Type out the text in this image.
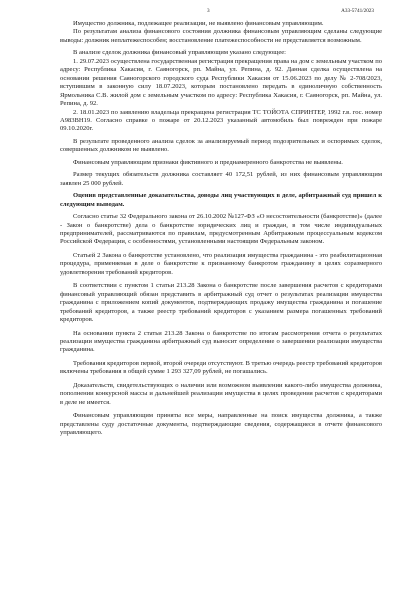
3	А33-5741/2023

Имущество должника, подлежащее реализации, не выявлено финансовым управляющим.

По результатам анализа финансового состояния должника финансовым управляющим сделаны следующие выводы: должник неплатежеспособен; восстановление платежеспособности не представляется возможным.

В анализе сделок должника финансовый управляющим указано следующее:

1. 29.07.2023 осуществлена государственная регистрация прекращения права на дом с земельным участком по адресу: Республика Хакасия, г. Саяногорск, рп. Майна, ул. Репина, д. 92. Данная сделка осуществлена на основании решения Саяногорского городского суда Республики Хакасия от 15.06.2023 по делу № 2-708/2023, вступившим в законную силу 18.07.2023, которым постановлено передать в единоличную собственность Ярмольника С.В. жилой дом с земельным участком по адресу: Республика Хакасия, г. Саяногорск, рп. Майна, ул. Репина, д. 92.

2. 18.01.2023 по заявлению владельца прекращена регистрация ТС ТОЙОТА СПРИНТЕР, 1992 г.в. гос. номер А983ВН19. Согласно справке о пожаре от 20.12.2023 указанный автомобиль был поврежден при пожаре 09.10.2020г.

В результате проведенного анализа сделок за анализируемый период подозрительных и оспоримых сделок, совершенных должником не выявлено.

Финансовым управляющим признаки фиктивного и преднамеренного банкротства не выявлены.

Размер текущих обязательств должника составляет 40 172,51 рублей, из них финансовым управляющим заявлен 25 000 рублей.

Оценив представленные доказательства, доводы лиц участвующих в деле, арбитражный суд пришел к следующим выводам.

Согласно статье 32 Федерального закона от 26.10.2002 №127-ФЗ «О несостоятельности (банкротстве)» (далее - Закон о банкротстве) дела о банкротстве юридических лиц и граждан, в том числе индивидуальных предпринимателей, рассматриваются по правилам, предусмотренным Арбитражным процессуальным кодексом Российской Федерации, с особенностями, установленными настоящим Федеральным законом.

Статьей 2 Закона о банкротстве установлено, что реализация имущества гражданина - это реабилитационная процедура, применяемая в деле о банкротстве к признанному банкротом гражданину в целях соразмерного удовлетворения требований кредиторов.

В соответствии с пунктом 1 статьи 213.28 Закона о банкротстве после завершения расчетов с кредиторами финансовый управляющий обязан представить в арбитражный суд отчет о результатах реализации имущества гражданина с приложением копий документов, подтверждающих продажу имущества гражданина и погашение требований кредиторов, а также реестр требований кредиторов с указанием размера погашенных требований кредиторов.

На основании пункта 2 статьи 213.28 Закона о банкротстве по итогам рассмотрения отчета о результатах реализации имущества гражданина арбитражный суд выносит определение о завершении реализации имущества гражданина.

Требования кредиторов первой, второй очереди отсутствуют. В третью очередь реестр требований кредиторов включены требования в общей сумме 1 293 327,09 рублей, не погашались.

Доказательств, свидетельствующих о наличии или возможном выявлении какого-либо имущества должника, пополнении конкурсной массы и дальнейшей реализации имущества в целях проведения расчетов с кредиторами в деле не имеется.

Финансовым управляющим приняты все меры, направленные на поиск имущества должника, а также представлены суду достаточные документы, подтверждающие сведения, содержащиеся в отчете финансового управляющего.
